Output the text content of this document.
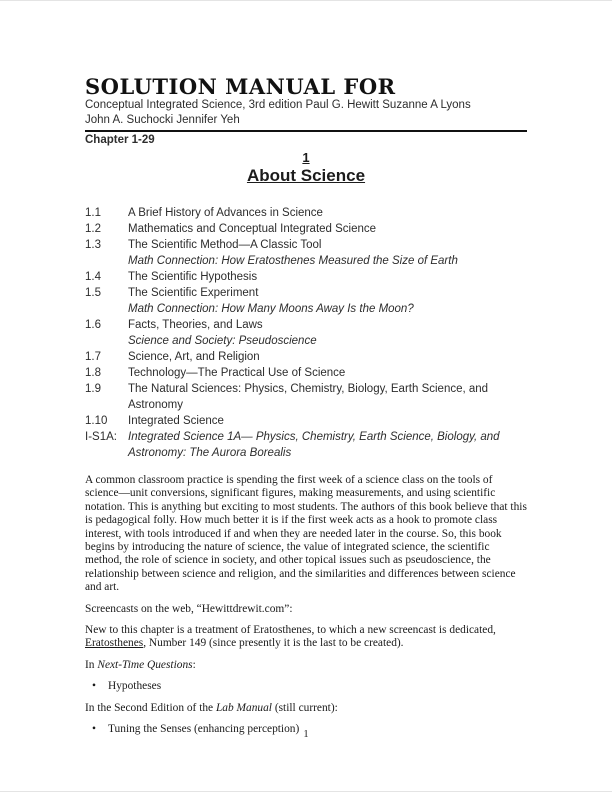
SOLUTION MANUAL FOR
Conceptual Integrated Science, 3rd edition Paul G. Hewitt Suzanne A Lyons
John A. Suchocki Jennifer Yeh
Chapter 1-29
1
About Science
1.1	A Brief History of Advances in Science
1.2	Mathematics and Conceptual Integrated Science
1.3	The Scientific Method—A Classic Tool
Math Connection: How Eratosthenes Measured the Size of Earth
1.4	The Scientific Hypothesis
1.5	The Scientific Experiment
Math Connection: How Many Moons Away Is the Moon?
1.6	Facts, Theories, and Laws
Science and Society: Pseudoscience
1.7	Science, Art, and Religion
1.8	Technology—The Practical Use of Science
1.9	The Natural Sciences: Physics, Chemistry, Biology, Earth Science, and Astronomy
1.10	Integrated Science
I-S1A: Integrated Science 1A— Physics, Chemistry, Earth Science, Biology, and Astronomy: The Aurora Borealis

A common classroom practice is spending the first week of a science class on the tools of science—unit conversions, significant figures, making measurements, and using scientific notation. This is anything but exciting to most students. The authors of this book believe that this is pedagogical folly. How much better it is if the first week acts as a hook to promote class interest, with tools introduced if and when they are needed later in the course. So, this book begins by introducing the nature of science, the value of integrated science, the scientific method, the role of science in society, and other topical issues such as pseudoscience, the relationship between science and religion, and the similarities and differences between science and art.

Screencasts on the web, “Hewittdrewit.com”:

New to this chapter is a treatment of Eratosthenes, to which a new screencast is dedicated, Eratosthenes, Number 149 (since presently it is the last to be created).

In Next-Time Questions:

•	Hypotheses

In the Second Edition of the Lab Manual (still current):

•	Tuning the Senses (enhancing perception) 1
